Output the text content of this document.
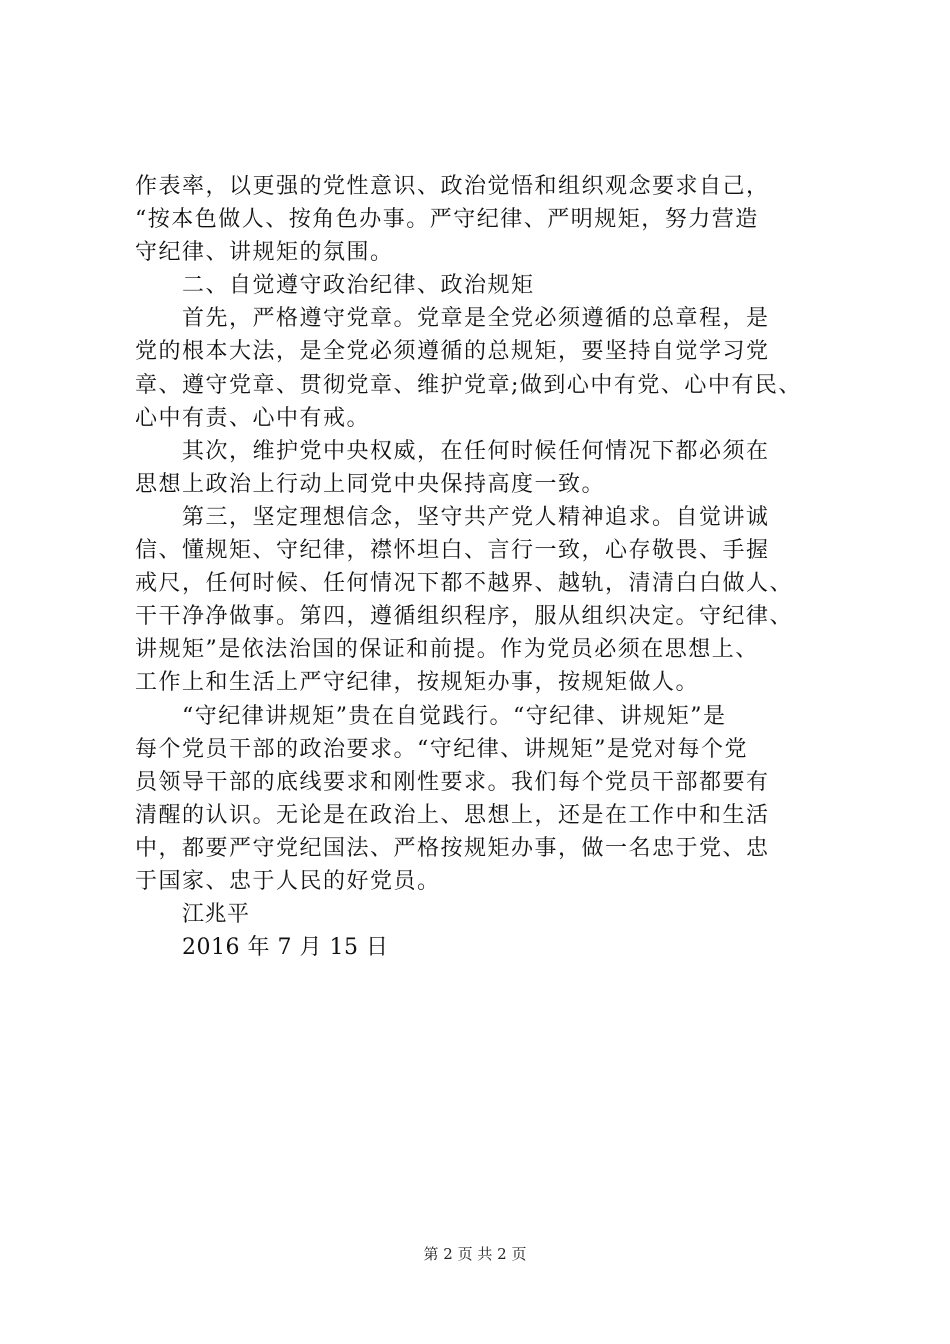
作表率，以更强的党性意识、政治觉悟和组织观念要求自己，
“按本色做人、按角色办事。严守纪律、严明规矩，努力营造
守纪律、讲规矩的氛围。
二、自觉遵守政治纪律、政治规矩
首先，严格遵守党章。党章是全党必须遵循的总章程，是
党的根本大法，是全党必须遵循的总规矩，要坚持自觉学习党
章、遵守党章、贯彻党章、维护党章;做到心中有党、心中有民、
心中有责、心中有戒。
其次，维护党中央权威，在任何时候任何情况下都必须在
思想上政治上行动上同党中央保持高度一致。
第三，坚定理想信念，坚守共产党人精神追求。自觉讲诚
信、懂规矩、守纪律，襟怀坦白、言行一致，心存敬畏、手握
戒尺，任何时候、任何情况下都不越界、越轨，清清白白做人、
干干净净做事。第四，遵循组织程序，服从组织决定。守纪律、
讲规矩”是依法治国的保证和前提。作为党员必须在思想上、
工作上和生活上严守纪律，按规矩办事，按规矩做人。
“守纪律讲规矩”贵在自觉践行。“守纪律、讲规矩”是
每个党员干部的政治要求。“守纪律、讲规矩”是党对每个党
员领导干部的底线要求和刚性要求。我们每个党员干部都要有
清醒的认识。无论是在政治上、思想上，还是在工作中和生活
中，都要严守党纪国法、严格按规矩办事，做一名忠于党、忠
于国家、忠于人民的好党员。
江兆平
2016 年 7 月 15 日
第 2 页 共 2 页
